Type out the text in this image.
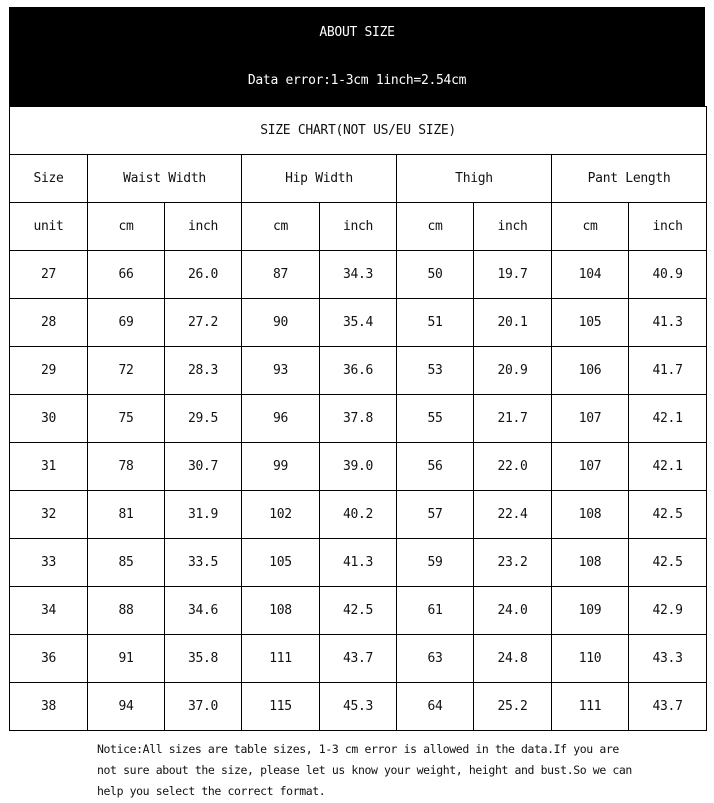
ABOUT SIZE
Data error:1-3cm 1inch=2.54cm
SIZE CHART(NOT US/EU SIZE)								
Size	Waist Width		Hip Width		Thigh		Pant Length	
unit	cm	inch	cm	inch	cm	inch	cm	inch
27	66	26.0	87	34.3	50	19.7	104	40.9
28	69	27.2	90	35.4	51	20.1	105	41.3
29	72	28.3	93	36.6	53	20.9	106	41.7
30	75	29.5	96	37.8	55	21.7	107	42.1
31	78	30.7	99	39.0	56	22.0	107	42.1
32	81	31.9	102	40.2	57	22.4	108	42.5
33	85	33.5	105	41.3	59	23.2	108	42.5
34	88	34.6	108	42.5	61	24.0	109	42.9
36	91	35.8	111	43.7	63	24.8	110	43.3
38	94	37.0	115	45.3	64	25.2	111	43.7
Notice:All sizes are table sizes, 1-3 cm error is allowed in the data.If you are
not sure about the size, please let us know your weight, height and bust.So we can
help you select the correct format.
